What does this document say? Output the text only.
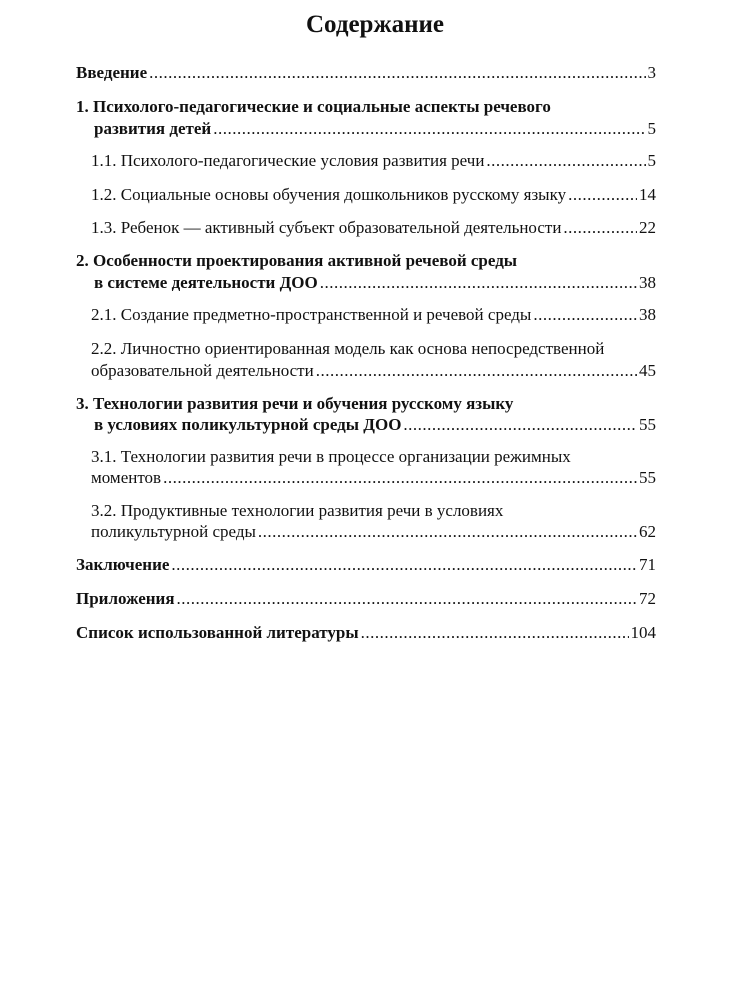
Содержание
Введение .....	3
1. Психолого-педагогические и социальные аспекты речевого
развития детей .....	5
1.1. Психолого-педагогические условия развития речи .....	5
1.2. Социальные основы обучения дошкольников русскому языку .....	14
1.3. Ребенок — активный субъект образовательной деятельности .....	22
2. Особенности проектирования активной речевой среды
в системе деятельности ДОО .....	38
2.1. Создание предметно-пространственной и речевой среды .....	38
2.2. Личностно ориентированная модель как основа непосредственной
образовательной деятельности .....	45
3. Технологии развития речи и обучения русскому языку
в условиях поликультурной среды ДОО .....	55
3.1. Технологии развития речи в процессе организации режимных
моментов .....	55
3.2. Продуктивные технологии развития речи в условиях
поликультурной среды .....	62
Заключение .....	71
Приложения .....	72
Список использованной литературы .....	104
